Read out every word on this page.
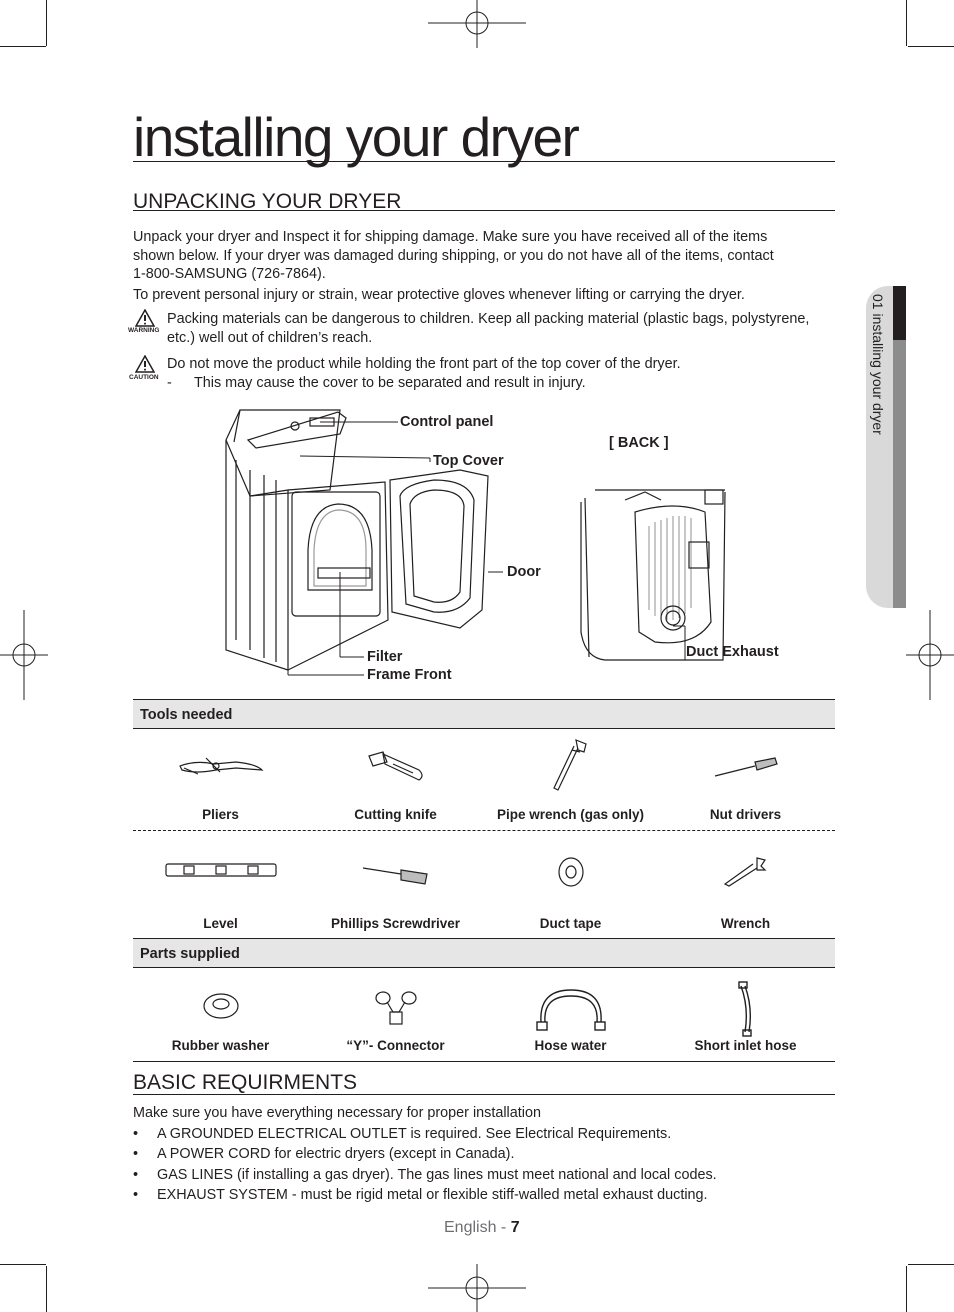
01 installing your dryer
installing your dryer
UNPACKING YOUR DRYER
Unpack your dryer and Inspect it for shipping damage. Make sure you have received all of the items
shown below. If your dryer was damaged during shipping, or you do not have all of the items, contact
1-800-SAMSUNG (726-7864).
To prevent personal injury or strain, wear protective gloves whenever lifting or carrying the dryer.
WARNING
Packing materials can be dangerous to children. Keep all packing material (plastic bags, polystyrene,
etc.) well out of children’s reach.
CAUTION
Do not move the product while holding the front part of the top cover of the dryer.
- This may cause the cover to be separated and result in injury.
Control panel
Top Cover
Door
Filter
Frame Front
[ BACK ]
Duct Exhaust
Tools needed
Pliers	Cutting knife	Pipe wrench (gas only)	Nut drivers
Level	Phillips Screwdriver	Duct tape	Wrench
Parts supplied
Rubber washer	“Y”- Connector	Hose water	Short inlet hose
BASIC REQUIRMENTS
Make sure you have everything necessary for proper installation
• A GROUNDED ELECTRICAL OUTLET is required. See Electrical Requirements.
• A POWER CORD for electric dryers (except in Canada).
• GAS LINES (if installing a gas dryer). The gas lines must meet national and local codes.
• EXHAUST SYSTEM - must be rigid metal or flexible stiff-walled metal exhaust ducting.
English - 7
